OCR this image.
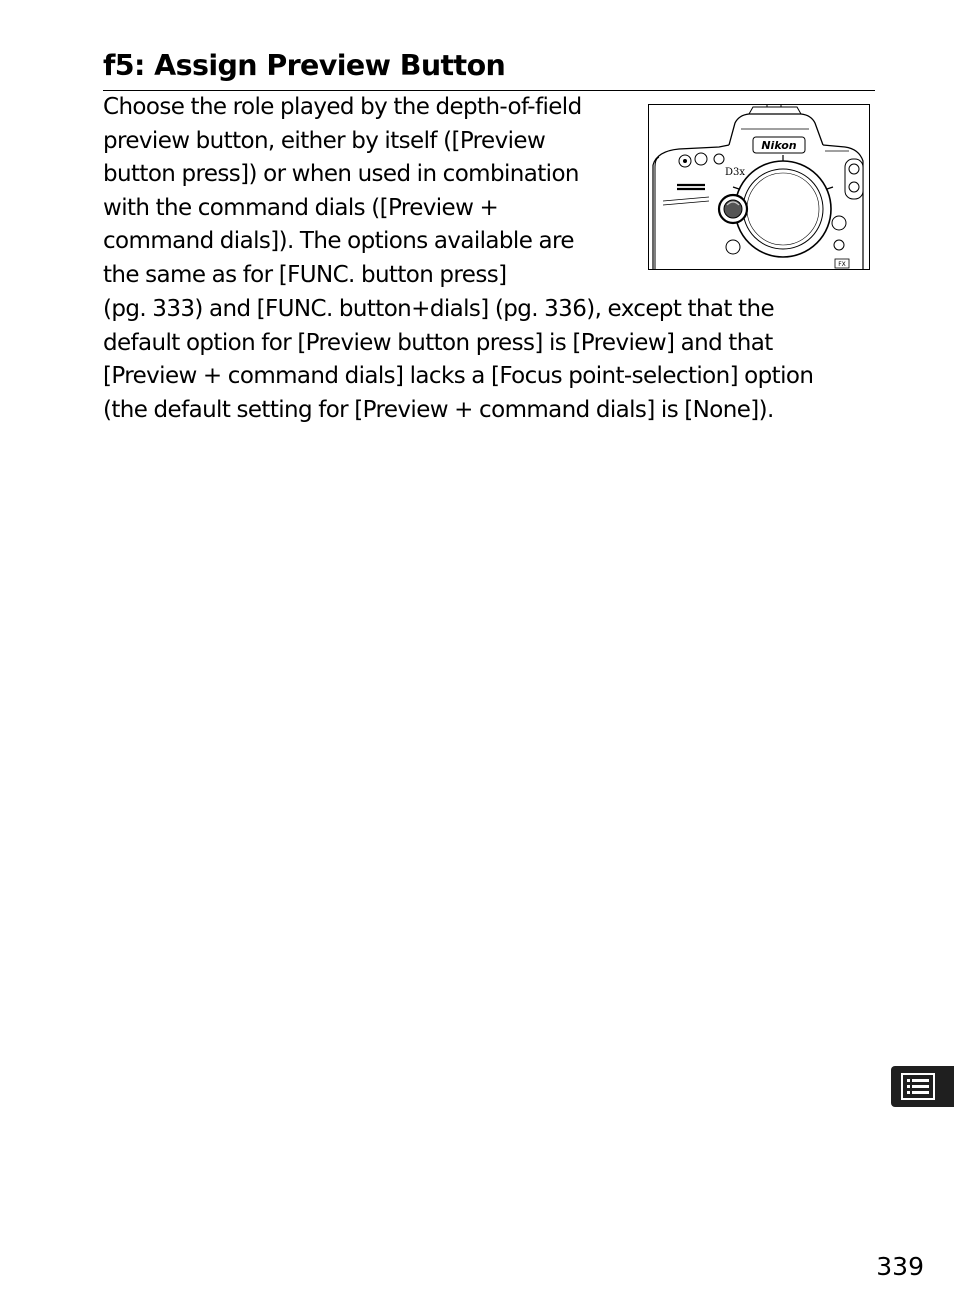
f5: Assign Preview Button

Choose the role played by the depth-of-field
preview button, either by itself ([Preview
button press]) or when used in combination
with the command dials ([Preview +
command dials]). The options available are
the same as for [FUNC. button press]

(pg. 333) and [FUNC. button+dials] (pg. 336), except that the
default option for [Preview button press] is [Preview] and that
[Preview + command dials] lacks a [Focus point-selection] option
(the default setting for [Preview + command dials] is [None]).

Nikon
D3x
FX
339
